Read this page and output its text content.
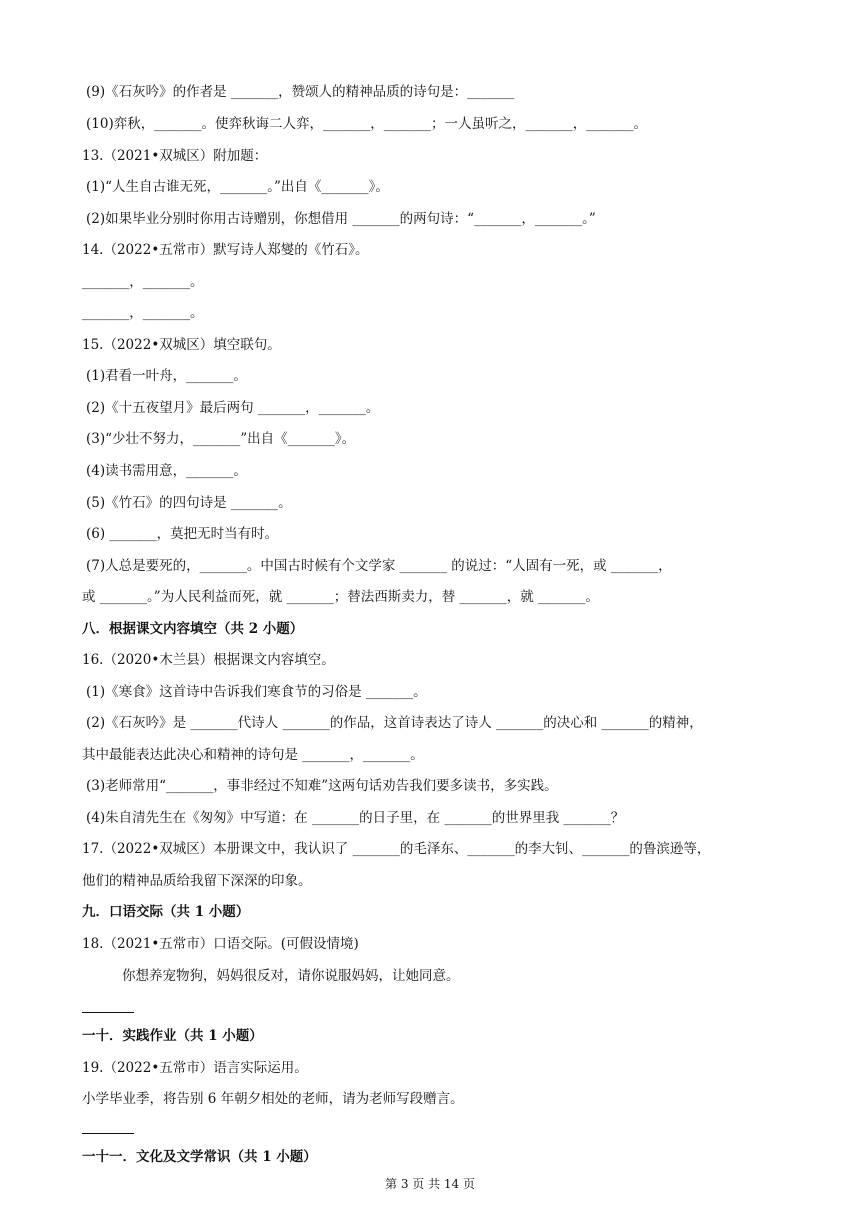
(9)《石灰吟》的作者是 _______，赞颂人的精神品质的诗句是：_______
(10)弈秋，_______。使弈秋诲二人弈，_______，_______；一人虽听之，_______，_______。
13.（2021•双城区）附加题：
(1)“人生自古谁无死，_______。”出自《_______》。
(2)如果毕业分别时你用古诗赠别，你想借用 _______的两句诗：“_______，_______。”
14.（2022•五常市）默写诗人郑燮的《竹石》。
_______，_______。
_______，_______。
15.（2022•双城区）填空联句。
(1)君看一叶舟，_______。
(2)《十五夜望月》最后两句 _______，_______。
(3)“少壮不努力，_______”出自《_______》。
(4)读书需用意，_______。
(5)《竹石》的四句诗是 _______。
(6) _______，莫把无时当有时。
(7)人总是要死的，_______。中国古时候有个文学家 _______ 的说过：“人固有一死，或 _______，
或 _______。”为人民利益而死，就 _______；替法西斯卖力，替 _______，就 _______。
八．根据课文内容填空（共 2 小题）
16.（2020•木兰县）根据课文内容填空。
(1)《寒食》这首诗中告诉我们寒食节的习俗是 _______。
(2)《石灰吟》是 _______代诗人 _______的作品，这首诗表达了诗人 _______的决心和 _______的精神，
其中最能表达此决心和精神的诗句是 _______，_______。
(3)老师常用“_______，事非经过不知难”这两句话劝告我们要多读书，多实践。
(4)朱自清先生在《匆匆》中写道：在 _______的日子里，在 _______的世界里我 _______？
17.（2022•双城区）本册课文中，我认识了 _______的毛泽东、_______的李大钊、_______的鲁滨逊等，
他们的精神品质给我留下深深的印象。
九．口语交际（共 1 小题）
18.（2021•五常市）口语交际。(可假设情境)
你想养宠物狗，妈妈很反对，请你说服妈妈，让她同意。
一十．实践作业（共 1 小题）
19.（2022•五常市）语言实际运用。
小学毕业季，将告别 6 年朝夕相处的老师，请为老师写段赠言。
一十一．文化及文学常识（共 1 小题）
第 3 页 共 14 页
